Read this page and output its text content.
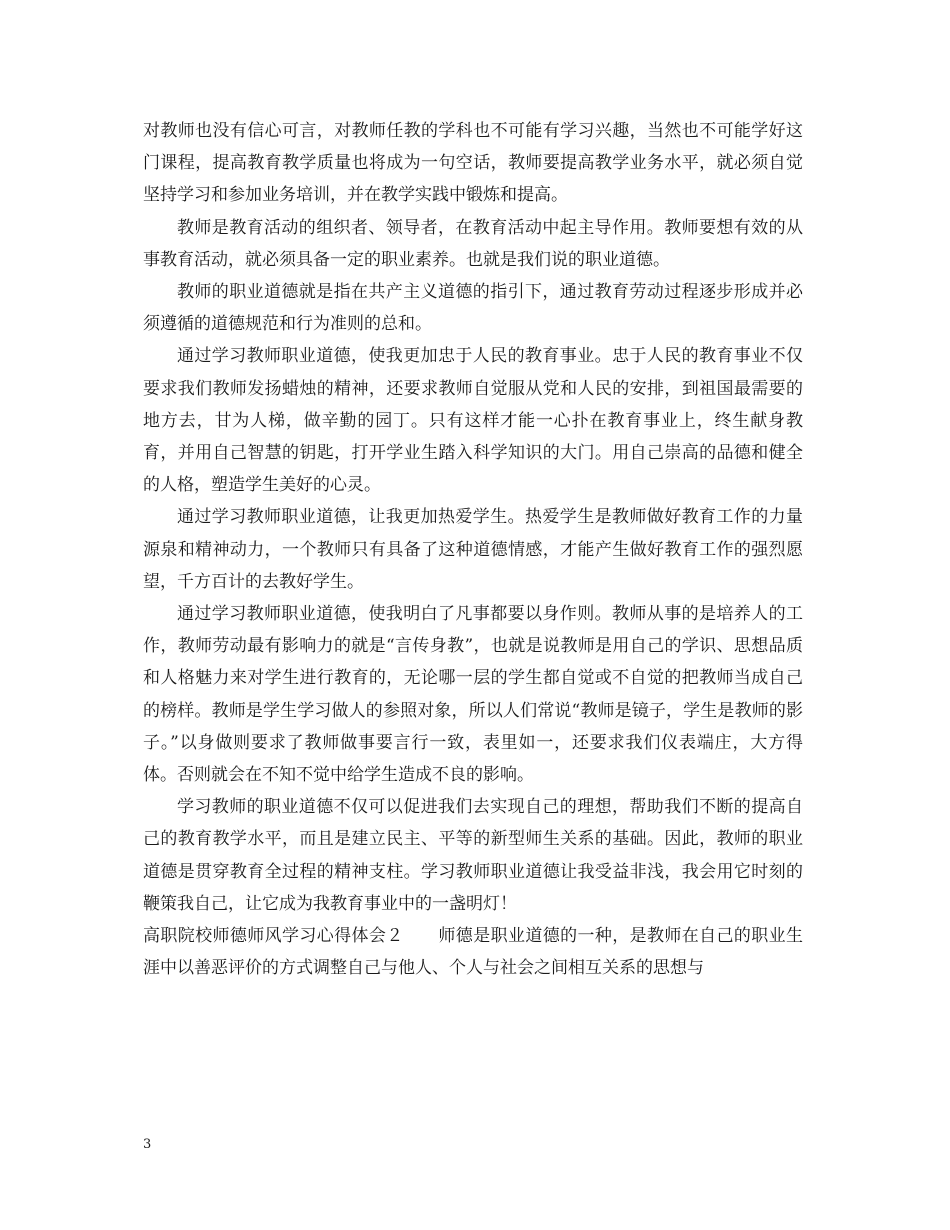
对教师也没有信心可言，对教师任教的学科也不可能有学习兴趣，当然也不可能学好这门课程，提高教育教学质量也将成为一句空话，教师要提高教学业务水平，就必须自觉坚持学习和参加业务培训，并在教学实践中锻炼和提高。

教师是教育活动的组织者、领导者，在教育活动中起主导作用。教师要想有效的从事教育活动，就必须具备一定的职业素养。也就是我们说的职业道德。

教师的职业道德就是指在共产主义道德的指引下，通过教育劳动过程逐步形成并必须遵循的道德规范和行为准则的总和。

通过学习教师职业道德，使我更加忠于人民的教育事业。忠于人民的教育事业不仅要求我们教师发扬蜡烛的精神，还要求教师自觉服从党和人民的安排，到祖国最需要的地方去，甘为人梯，做辛勤的园丁。只有这样才能一心扑在教育事业上，终生献身教育，并用自己智慧的钥匙，打开学业生踏入科学知识的大门。用自己崇高的品德和健全的人格，塑造学生美好的心灵。

通过学习教师职业道德，让我更加热爱学生。热爱学生是教师做好教育工作的力量源泉和精神动力，一个教师只有具备了这种道德情感，才能产生做好教育工作的强烈愿望，千方百计的去教好学生。

通过学习教师职业道德，使我明白了凡事都要以身作则。教师从事的是培养人的工作，教师劳动最有影响力的就是“言传身教”，也就是说教师是用自己的学识、思想品质和人格魅力来对学生进行教育的，无论哪一层的学生都自觉或不自觉的把教师当成自己的榜样。教师是学生学习做人的参照对象，所以人们常说“教师是镜子，学生是教师的影子。”以身做则要求了教师做事要言行一致，表里如一，还要求我们仪表端庄，大方得体。否则就会在不知不觉中给学生造成不良的影响。

学习教师的职业道德不仅可以促进我们去实现自己的理想，帮助我们不断的提高自己的教育教学水平，而且是建立民主、平等的新型师生关系的基础。因此，教师的职业道德是贯穿教育全过程的精神支柱。学习教师职业道德让我受益非浅，我会用它时刻的鞭策我自己，让它成为我教育事业中的一盏明灯！

高职院校师德师风学习心得体会２　　师德是职业道德的一种，是教师在自己的职业生涯中以善恶评价的方式调整自己与他人、个人与社会之间相互关系的思想与

3
